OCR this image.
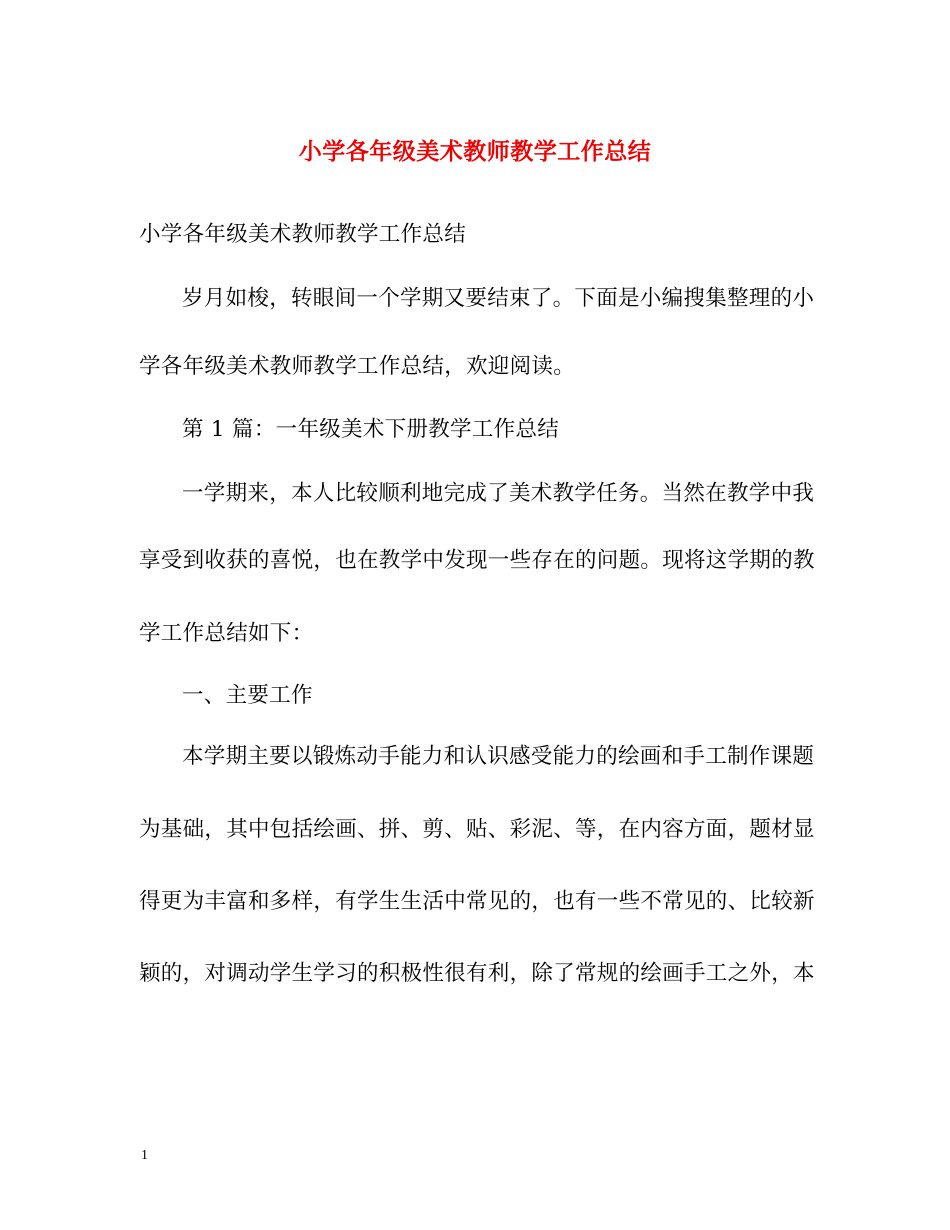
小学各年级美术教师教学工作总结
小学各年级美术教师教学工作总结
岁月如梭，转眼间一个学期又要结束了。下面是小编搜集整理的小
学各年级美术教师教学工作总结，欢迎阅读。
第 1 篇：一年级美术下册教学工作总结
一学期来，本人比较顺利地完成了美术教学任务。当然在教学中我
享受到收获的喜悦，也在教学中发现一些存在的问题。现将这学期的教
学工作总结如下：
一、主要工作
本学期主要以锻炼动手能力和认识感受能力的绘画和手工制作课题
为基础，其中包括绘画、拼、剪、贴、彩泥、等，在内容方面，题材显
得更为丰富和多样，有学生生活中常见的，也有一些不常见的、比较新
颖的，对调动学生学习的积极性很有利，除了常规的绘画手工之外，本
1
